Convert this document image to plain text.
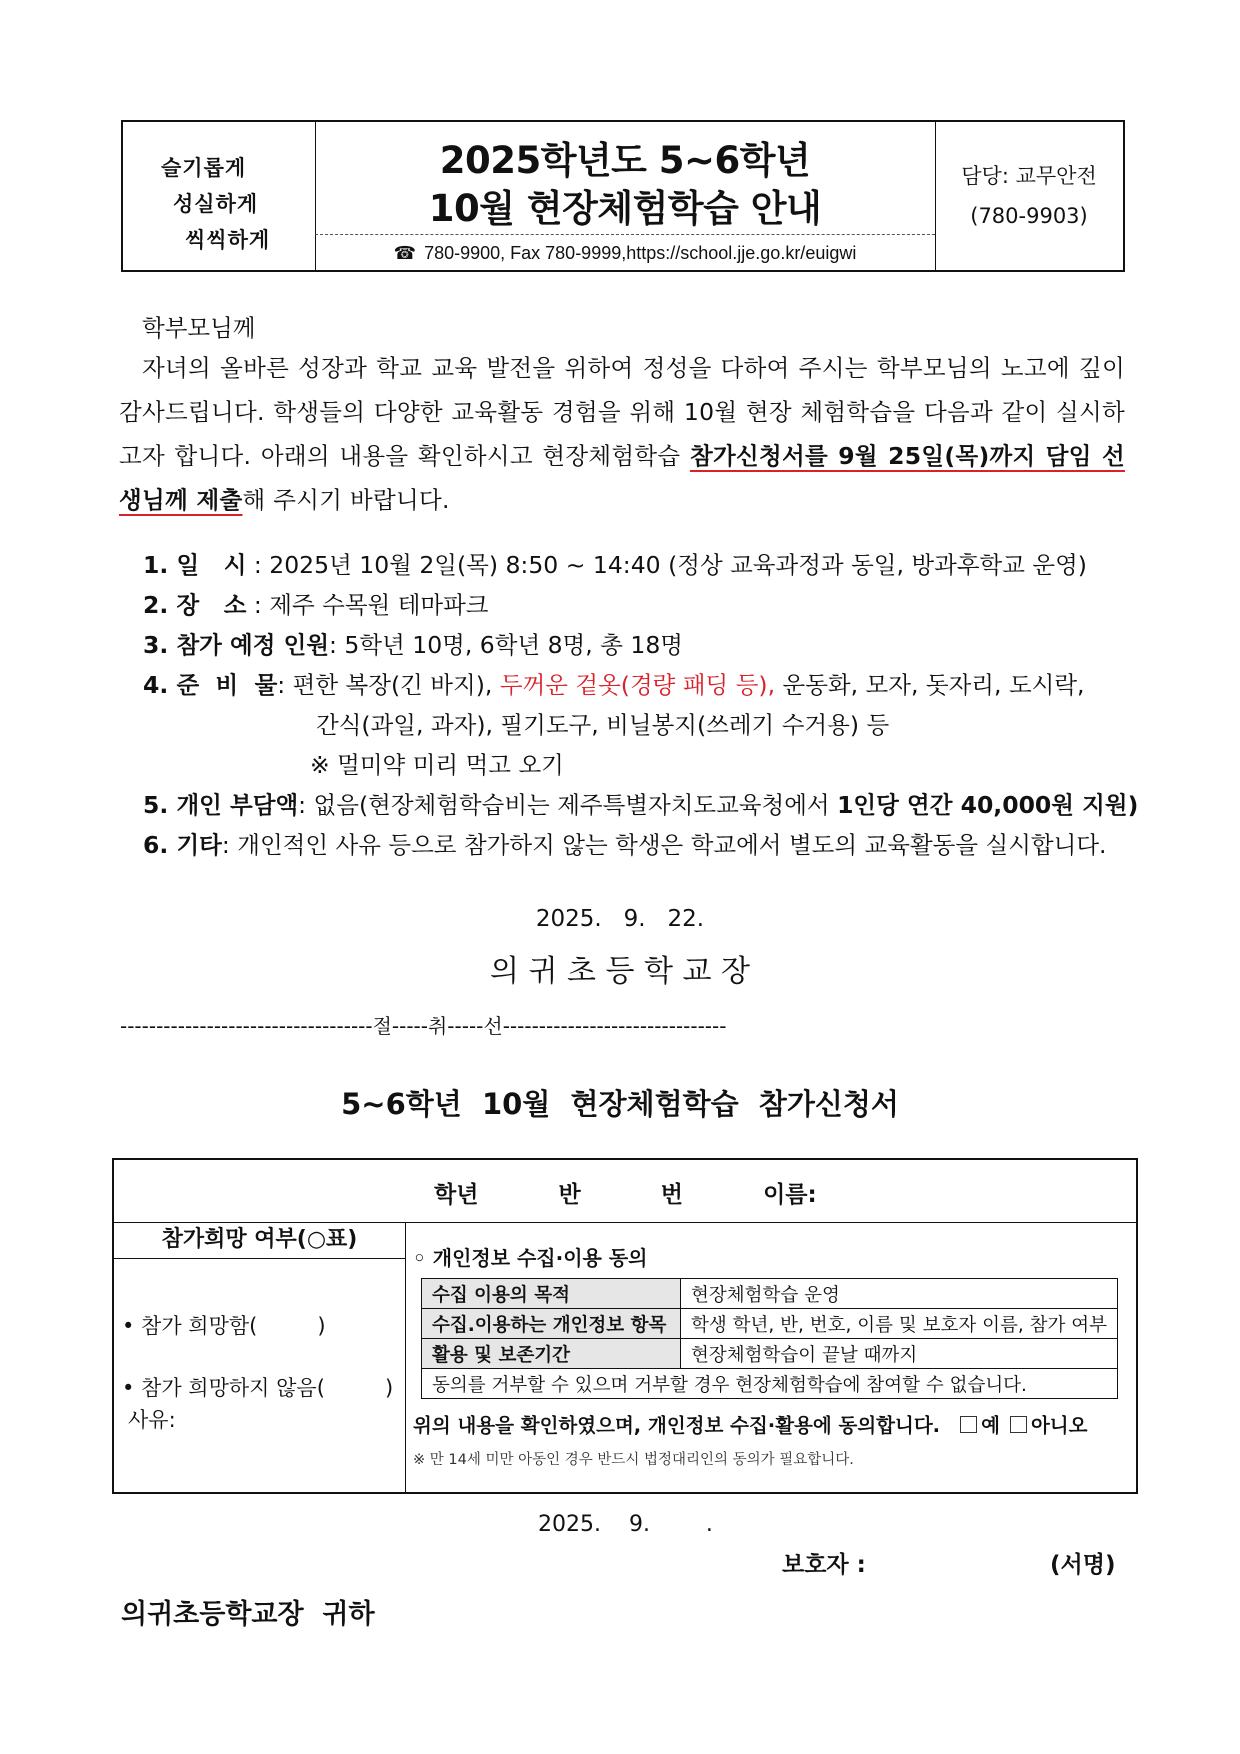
슬기롭게
성실하게
씩씩하게
2025학년도 5~6학년
10월 현장체험학습 안내
☎ 780-9900, Fax 780-9999,https://school.jje.go.kr/euigwi
담당: 교무안전
(780-9903)
학부모님께
자녀의 올바른 성장과 학교 교육 발전을 위하여 정성을 다하여 주시는 학부모님의 노고에 깊이 감사드립니다. 학생들의 다양한 교육활동 경험을 위해 10월 현장 체험학습을 다음과 같이 실시하고자 합니다. 아래의 내용을 확인하시고 현장체험학습 참가신청서를 9월 25일(목)까지 담임 선생님께 제출해 주시기 바랍니다.
1. 일   시 : 2025년 10월 2일(목) 8:50 ~ 14:40 (정상 교육과정과 동일, 방과후학교 운영)
2. 장   소 : 제주 수목원 테마파크
3. 참가 예정 인원: 5학년 10명, 6학년 8명, 총 18명
4. 준  비  물: 편한 복장(긴 바지), 두꺼운 겉옷(경량 패딩 등), 운동화, 모자, 돗자리, 도시락,
간식(과일, 과자), 필기도구, 비닐봉지(쓰레기 수거용) 등
※ 멀미약 미리 먹고 오기
5. 개인 부담액: 없음(현장체험학습비는 제주특별자치도교육청에서 1인당 연간 40,000원 지원)
6. 기타: 개인적인 사유 등으로 참가하지 않는 학생은 학교에서 별도의 교육활동을 실시합니다.
2025.   9.   22.
의 귀 초 등 학 교 장
-----------------------------------절-----취-----선-------------------------------
5~6학년  10월  현장체험학습  참가신청서
학년          반          번          이름:
참가희망 여부(○표)
• 참가 희망함(         )
• 참가 희망하지 않음(         )
사유:
◦ 개인정보 수집·이용 동의
수집 이용의 목적	현장체험학습 운영
수집.이용하는 개인정보 항목	학생 학년, 반, 번호, 이름 및 보호자 이름, 참가 여부
활용 및 보존기간	현장체험학습이 끝날 때까지
동의를 거부할 수 있으며 거부할 경우 현장체험학습에 참여할 수 없습니다.	
위의 내용을 확인하였으며, 개인정보 수집·활용에 동의합니다. 예 아니오
※ 만 14세 미만 아동인 경우 반드시 법정대리인의 동의가 필요합니다.
2025.    9.        .
보호자 :	(서명)
의귀초등학교장  귀하
